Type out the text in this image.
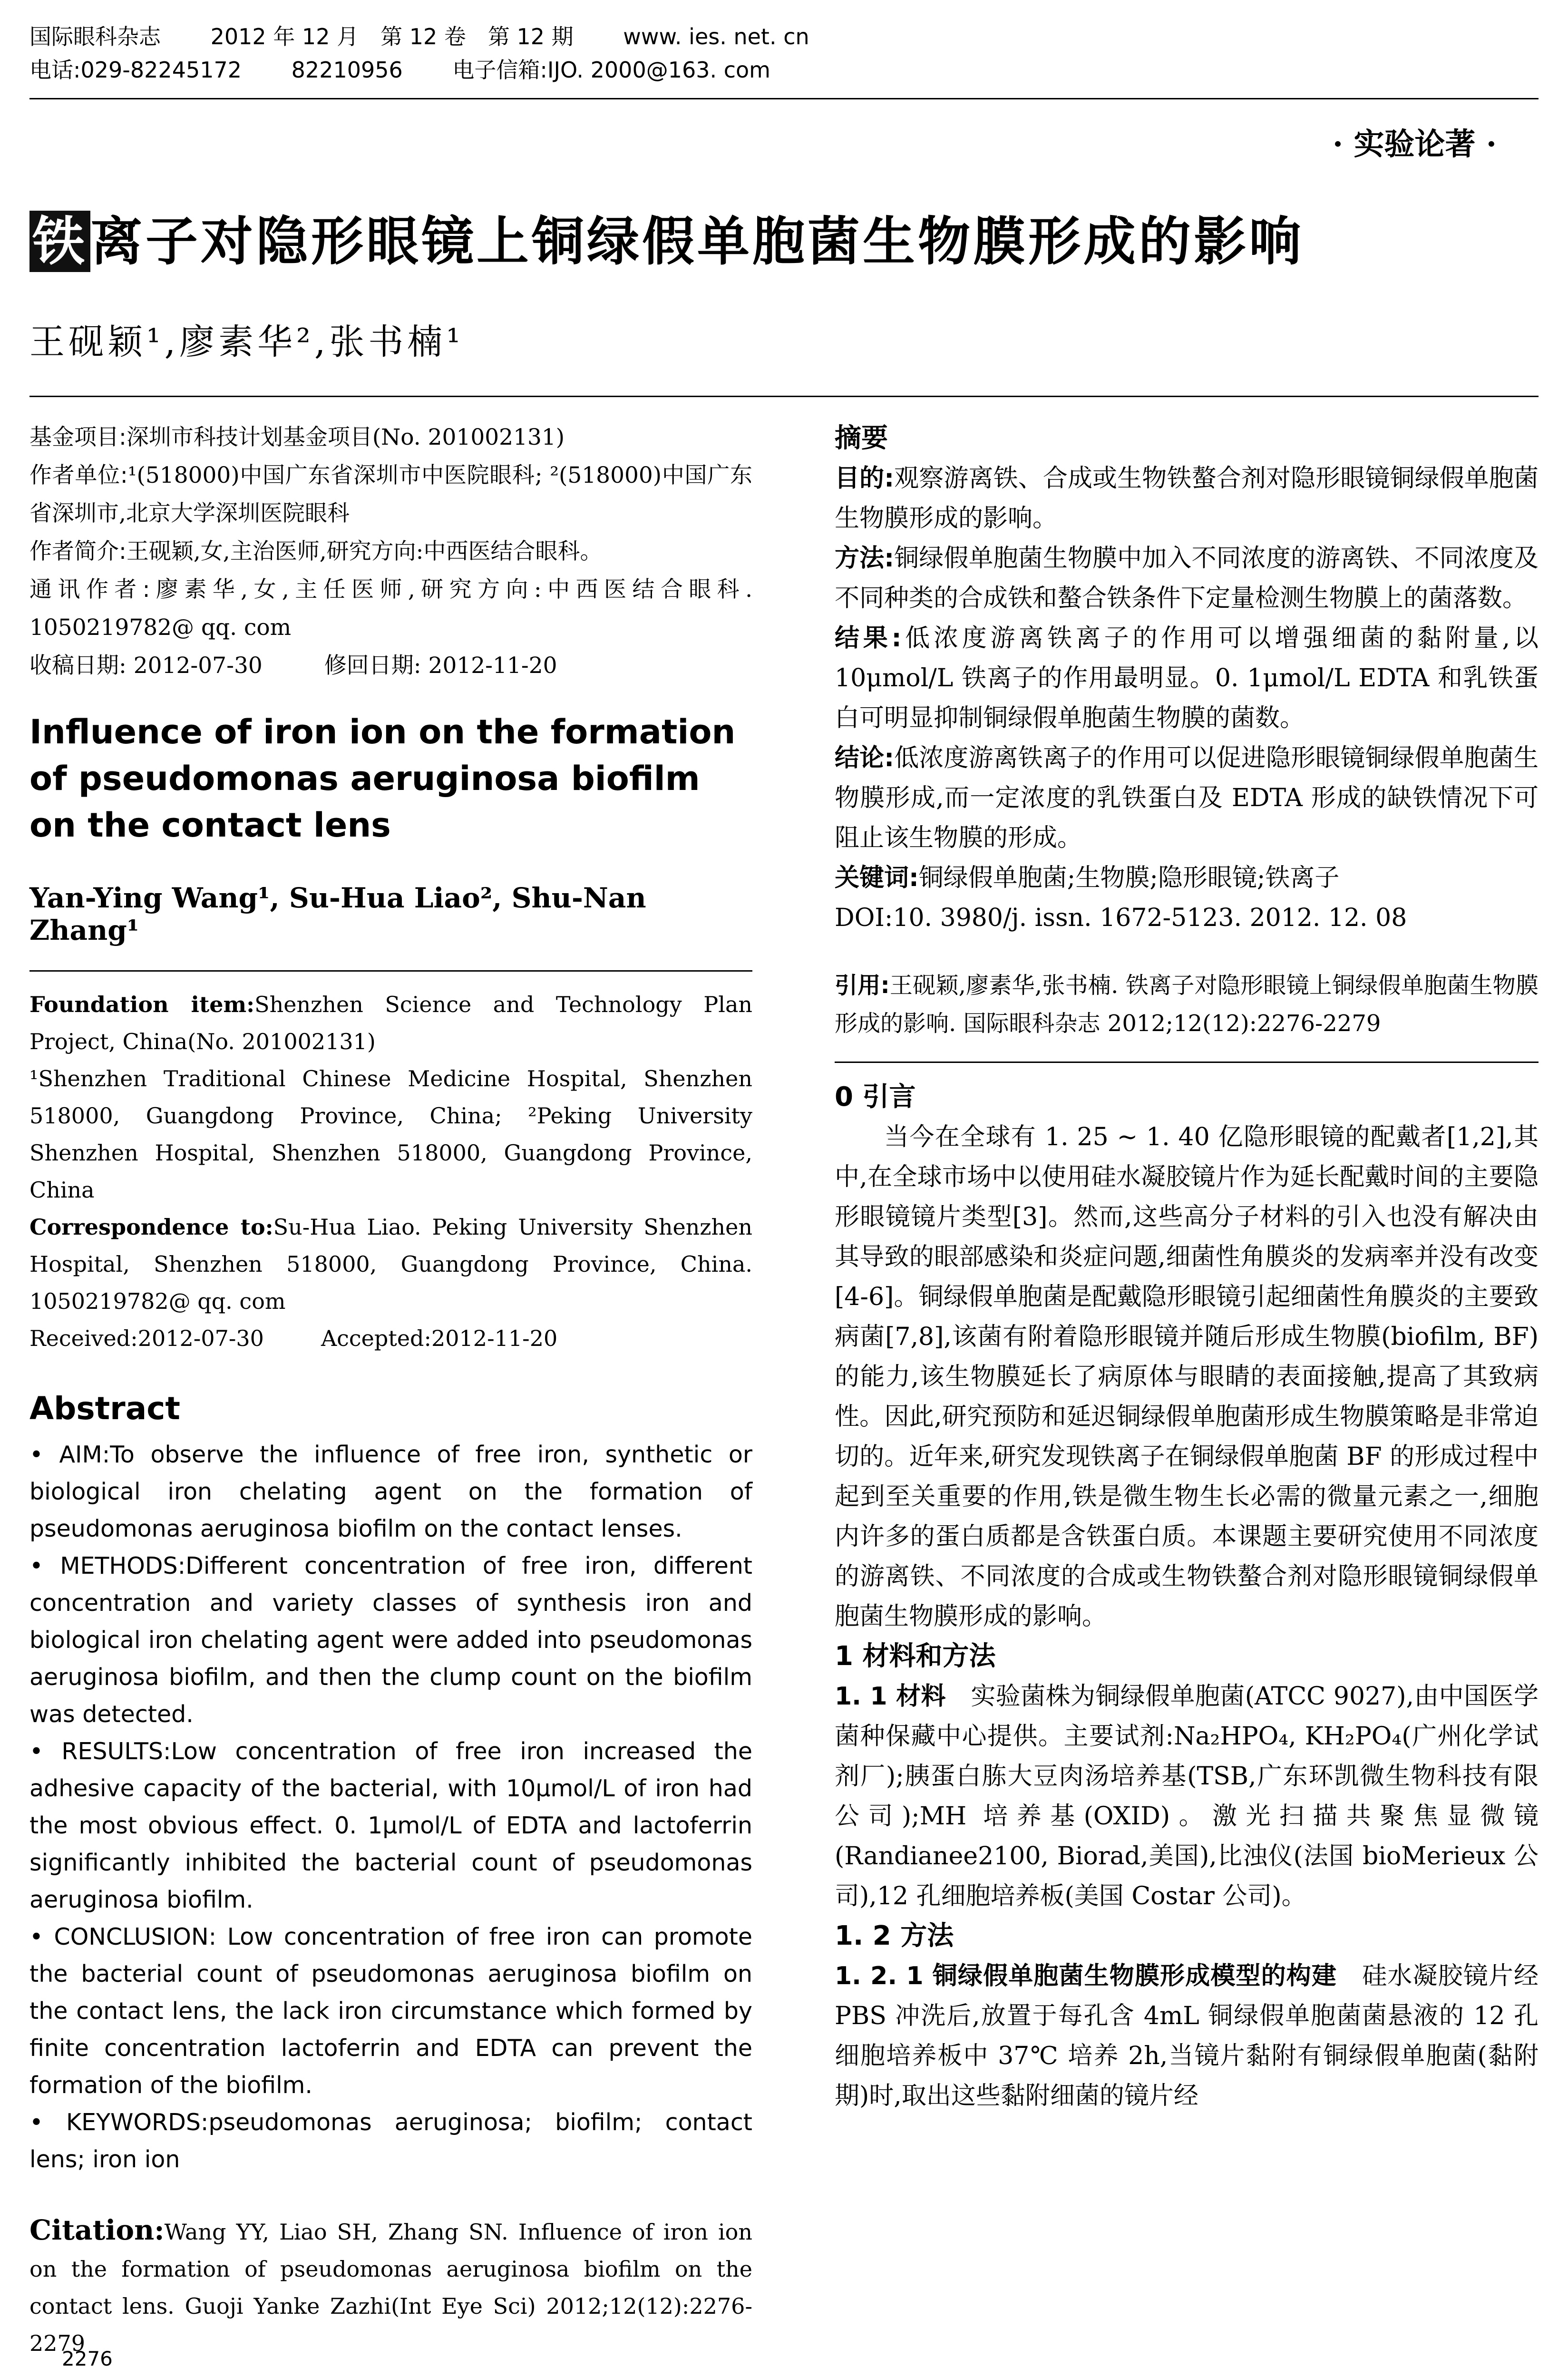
国际眼科杂志 2012 年 12 月　第 12 卷　第 12 期 www. ies. net. cn
电话:029-82245172 82210956 电子信箱:IJO. 2000@163. com
· 实验论著 ·
铁离子对隐形眼镜上铜绿假单胞菌生物膜形成的影响
王砚颖¹,廖素华²,张书楠¹

基金项目:深圳市科技计划基金项目(No. 201002131)

作者单位:¹(518000)中国广东省深圳市中医院眼科; ²(518000)中国广东省深圳市,北京大学深圳医院眼科

作者简介:王砚颖,女,主治医师,研究方向:中西医结合眼科。

通讯作者:廖素华,女,主任医师,研究方向:中西医结合眼科. 1050219782@ qq. com

收稿日期: 2012-07-30	修回日期: 2012-11-20

Influence of iron ion on the formation of pseudomonas aeruginosa biofilm on the contact lens
Yan-Ying Wang¹, Su-Hua Liao², Shu-Nan Zhang¹

Foundation item:Shenzhen Science and Technology Plan Project, China(No. 201002131)

¹Shenzhen Traditional Chinese Medicine Hospital, Shenzhen 518000, Guangdong Province, China; ²Peking University Shenzhen Hospital, Shenzhen 518000, Guangdong Province, China

Correspondence to:Su-Hua Liao. Peking University Shenzhen Hospital, Shenzhen 518000, Guangdong Province, China. 1050219782@ qq. com

Received:2012-07-30	Accepted:2012-11-20

Abstract

• AIM:To observe the influence of free iron, synthetic or biological iron chelating agent on the formation of pseudomonas aeruginosa biofilm on the contact lenses.

• METHODS:Different concentration of free iron, different concentration and variety classes of synthesis iron and biological iron chelating agent were added into pseudomonas aeruginosa biofilm, and then the clump count on the biofilm was detected.

• RESULTS:Low concentration of free iron increased the adhesive capacity of the bacterial, with 10μmol/L of iron had the most obvious effect. 0. 1μmol/L of EDTA and lactoferrin significantly inhibited the bacterial count of pseudomonas aeruginosa biofilm.

• CONCLUSION: Low concentration of free iron can promote the bacterial count of pseudomonas aeruginosa biofilm on the contact lens, the lack iron circumstance which formed by finite concentration lactoferrin and EDTA can prevent the formation of the biofilm.

• KEYWORDS:pseudomonas aeruginosa; biofilm; contact lens; iron ion

Citation:Wang YY, Liao SH, Zhang SN. Influence of iron ion on the formation of pseudomonas aeruginosa biofilm on the contact lens. Guoji Yanke Zazhi(Int Eye Sci) 2012;12(12):2276-2279

摘要

目的:观察游离铁、合成或生物铁螯合剂对隐形眼镜铜绿假单胞菌生物膜形成的影响。

方法:铜绿假单胞菌生物膜中加入不同浓度的游离铁、不同浓度及不同种类的合成铁和螯合铁条件下定量检测生物膜上的菌落数。

结果:低浓度游离铁离子的作用可以增强细菌的黏附量,以 10μmol/L 铁离子的作用最明显。0. 1μmol/L EDTA 和乳铁蛋白可明显抑制铜绿假单胞菌生物膜的菌数。

结论:低浓度游离铁离子的作用可以促进隐形眼镜铜绿假单胞菌生物膜形成,而一定浓度的乳铁蛋白及 EDTA 形成的缺铁情况下可阻止该生物膜的形成。

关键词:铜绿假单胞菌;生物膜;隐形眼镜;铁离子

DOI:10. 3980/j. issn. 1672-5123. 2012. 12. 08

引用:王砚颖,廖素华,张书楠. 铁离子对隐形眼镜上铜绿假单胞菌生物膜形成的影响. 国际眼科杂志 2012;12(12):2276-2279

0 引言

当今在全球有 1. 25 ~ 1. 40 亿隐形眼镜的配戴者[1,2],其中,在全球市场中以使用硅水凝胶镜片作为延长配戴时间的主要隐形眼镜镜片类型[3]。然而,这些高分子材料的引入也没有解决由其导致的眼部感染和炎症问题,细菌性角膜炎的发病率并没有改变[4-6]。铜绿假单胞菌是配戴隐形眼镜引起细菌性角膜炎的主要致病菌[7,8],该菌有附着隐形眼镜并随后形成生物膜(biofilm, BF)的能力,该生物膜延长了病原体与眼睛的表面接触,提高了其致病性。因此,研究预防和延迟铜绿假单胞菌形成生物膜策略是非常迫切的。近年来,研究发现铁离子在铜绿假单胞菌 BF 的形成过程中起到至关重要的作用,铁是微生物生长必需的微量元素之一,细胞内许多的蛋白质都是含铁蛋白质。本课题主要研究使用不同浓度的游离铁、不同浓度的合成或生物铁螯合剂对隐形眼镜铜绿假单胞菌生物膜形成的影响。

1 材料和方法

1. 1 材料　 实验菌株为铜绿假单胞菌(ATCC 9027),由中国医学菌种保藏中心提供。主要试剂:Na₂HPO₄, KH₂PO₄(广州化学试剂厂);胰蛋白胨大豆肉汤培养基(TSB,广东环凯微生物科技有限公司);MH 培养基(OXID)。激光扫描共聚焦显微镜(Randianee2100, Biorad,美国),比浊仪(法国 bioMerieux 公司),12 孔细胞培养板(美国 Costar 公司)。

1. 2 方法

1. 2. 1 铜绿假单胞菌生物膜形成模型的构建　 硅水凝胶镜片经 PBS 冲洗后,放置于每孔含 4mL 铜绿假单胞菌菌悬液的 12 孔细胞培养板中 37℃ 培养 2h,当镜片黏附有铜绿假单胞菌(黏附期)时,取出这些黏附细菌的镜片经

2276
